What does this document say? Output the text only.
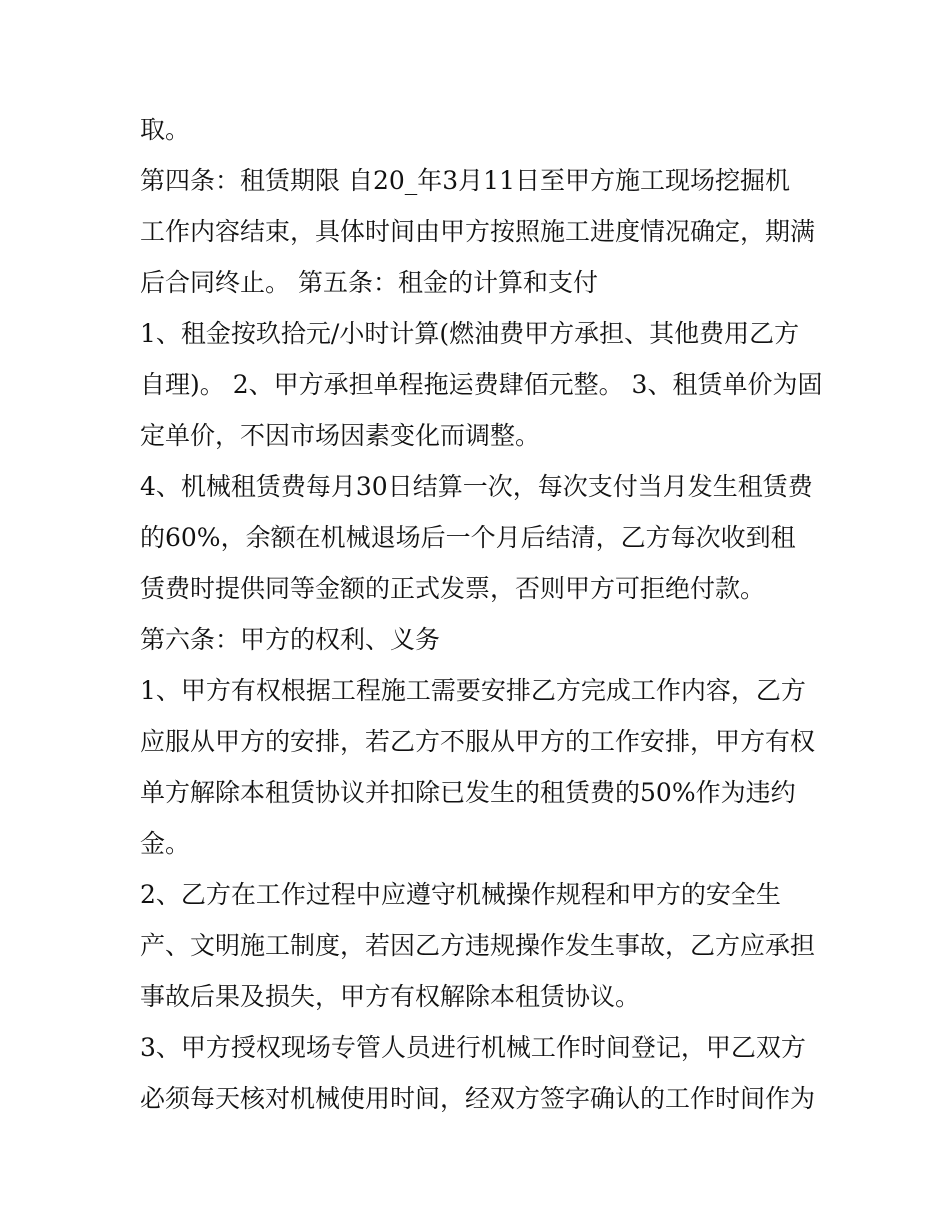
取。
第四条：租赁期限 自20_年3月11日至甲方施工现场挖掘机
工作内容结束，具体时间由甲方按照施工进度情况确定，期满
后合同终止。 第五条：租金的计算和支付
1、租金按玖拾元/小时计算(燃油费甲方承担、其他费用乙方
自理)。 2、甲方承担单程拖运费肆佰元整。 3、租赁单价为固
定单价，不因市场因素变化而调整。
4、机械租赁费每月30日结算一次，每次支付当月发生租赁费
的60%，余额在机械退场后一个月后结清，乙方每次收到租
赁费时提供同等金额的正式发票，否则甲方可拒绝付款。
第六条：甲方的权利、义务
1、甲方有权根据工程施工需要安排乙方完成工作内容，乙方
应服从甲方的安排，若乙方不服从甲方的工作安排，甲方有权
单方解除本租赁协议并扣除已发生的租赁费的50%作为违约
金。
2、乙方在工作过程中应遵守机械操作规程和甲方的安全生
产、文明施工制度，若因乙方违规操作发生事故，乙方应承担
事故后果及损失，甲方有权解除本租赁协议。
3、甲方授权现场专管人员进行机械工作时间登记，甲乙双方
必须每天核对机械使用时间，经双方签字确认的工作时间作为
